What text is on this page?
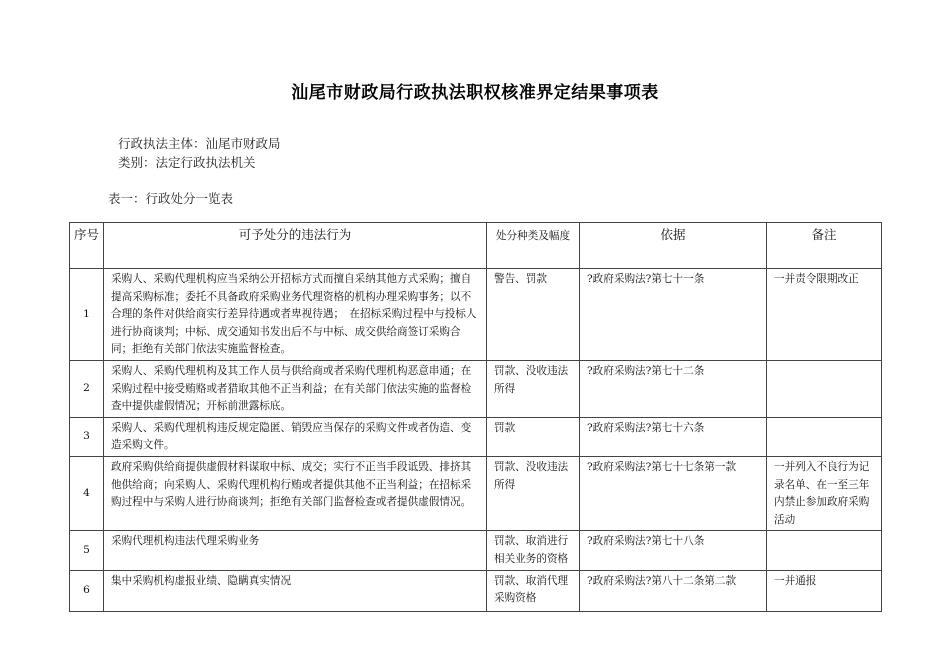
汕尾市财政局行政执法职权核准界定结果事项表
行政执法主体：汕尾市财政局
类别：法定行政执法机关
表一：行政处分一览表
序号	可予处分的违法行为	处分种类及幅度	依据	备注
1	采购人、采购代理机构应当采纳公开招标方式而擅自采纳其他方式采购；擅自提高采购标准；委托不具备政府采购业务代理资格的机构办理采购事务；以不合理的条件对供给商实行差异待遇或者卑视待遇；　在招标采购过程中与投标人进行协商谈判；中标、成交通知书发出后不与中标、成交供给商签订采购合同；拒绝有关部门依法实施监督检查。	警告、罚款	?政府采购法?第七十一条	一并责令限期改正
2	采购人、采购代理机构及其工作人员与供给商或者采购代理机构恶意串通；在采购过程中接受贿赂或者猎取其他不正当利益；在有关部门依法实施的监督检查中提供虚假情况；开标前泄露标底。	罚款、没收违法所得	?政府采购法?第七十二条	
3	采购人、采购代理机构违反规定隐匿、销毁应当保存的采购文件或者伪造、变造采购文件。	罚款	?政府采购法?第七十六条	
4	政府采购供给商提供虚假材料谋取中标、成交；实行不正当手段诋毁、排挤其他供给商；向采购人、采购代理机构行贿或者提供其他不正当利益；在招标采购过程中与采购人进行协商谈判；拒绝有关部门监督检查或者提供虚假情况。	罚款、没收违法所得	?政府采购法?第七十七条第一款	一并列入不良行为记录名单、在一至三年内禁止参加政府采购活动
5	采购代理机构违法代理采购业务	罚款、取消进行相关业务的资格	?政府采购法?第七十八条	
6	集中采购机构虚报业绩、隐瞒真实情况	罚款、取消代理采购资格	?政府采购法?第八十二条第二款	一并通报
